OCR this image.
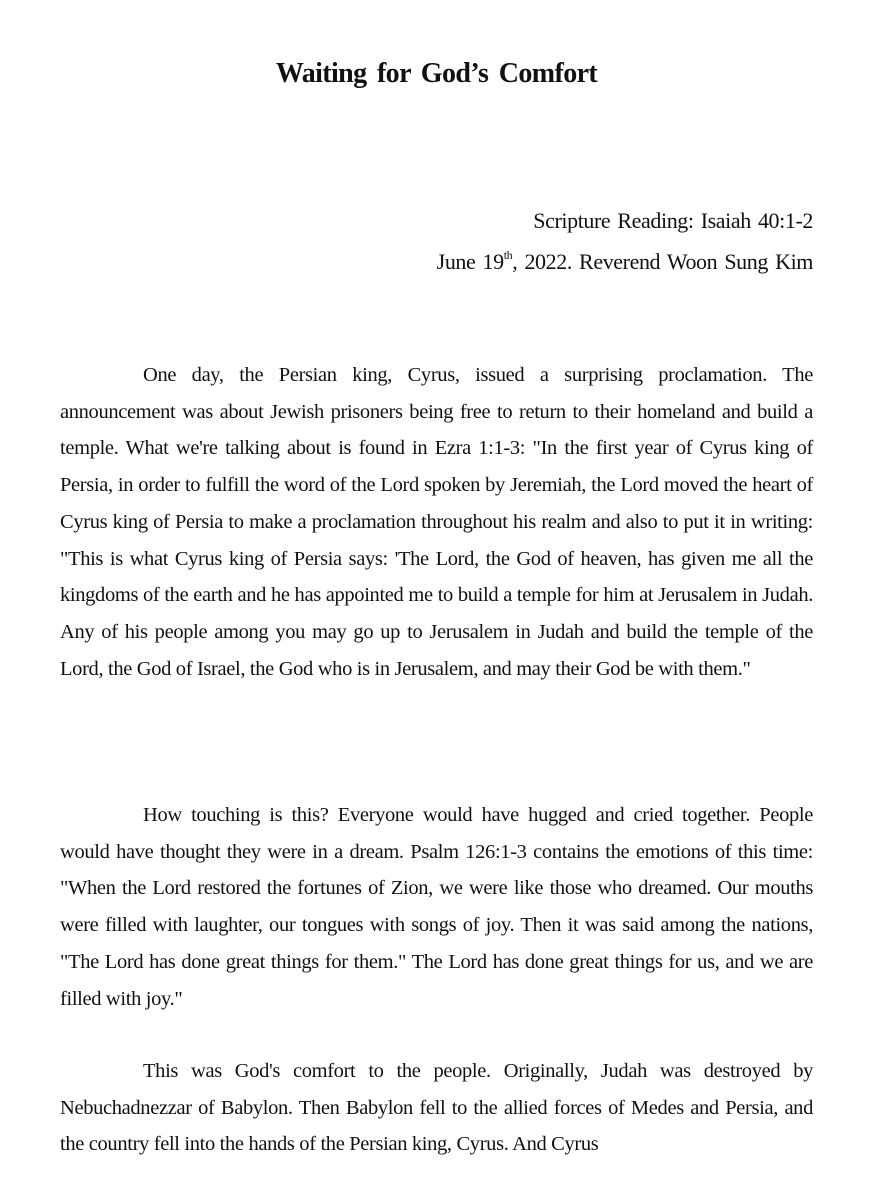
Waiting for God’s Comfort

Scripture Reading: Isaiah 40:1-2

June 19th, 2022. Reverend Woon Sung Kim

One day, the Persian king, Cyrus, issued a surprising proclamation. The announcement was about Jewish prisoners being free to return to their homeland and build a temple. What we're talking about is found in Ezra 1:1-3: "In the first year of Cyrus king of Persia, in order to fulfill the word of the Lord spoken by Jeremiah, the Lord moved the heart of Cyrus king of Persia to make a proclamation throughout his realm and also to put it in writing: "This is what Cyrus king of Persia says: 'The Lord, the God of heaven, has given me all the kingdoms of the earth and he has appointed me to build a temple for him at Jerusalem in Judah. Any of his people among you may go up to Jerusalem in Judah and build the temple of the Lord, the God of Israel, the God who is in Jerusalem, and may their God be with them."

How touching is this? Everyone would have hugged and cried together. People would have thought they were in a dream. Psalm 126:1-3 contains the emotions of this time: "When the Lord restored the fortunes of Zion, we were like those who dreamed. Our mouths were filled with laughter, our tongues with songs of joy. Then it was said among the nations, "The Lord has done great things for them." The Lord has done great things for us, and we are filled with joy."

This was God's comfort to the people. Originally, Judah was destroyed by Nebuchadnezzar of Babylon. Then Babylon fell to the allied forces of Medes and Persia, and the country fell into the hands of the Persian king, Cyrus. And Cyrus
